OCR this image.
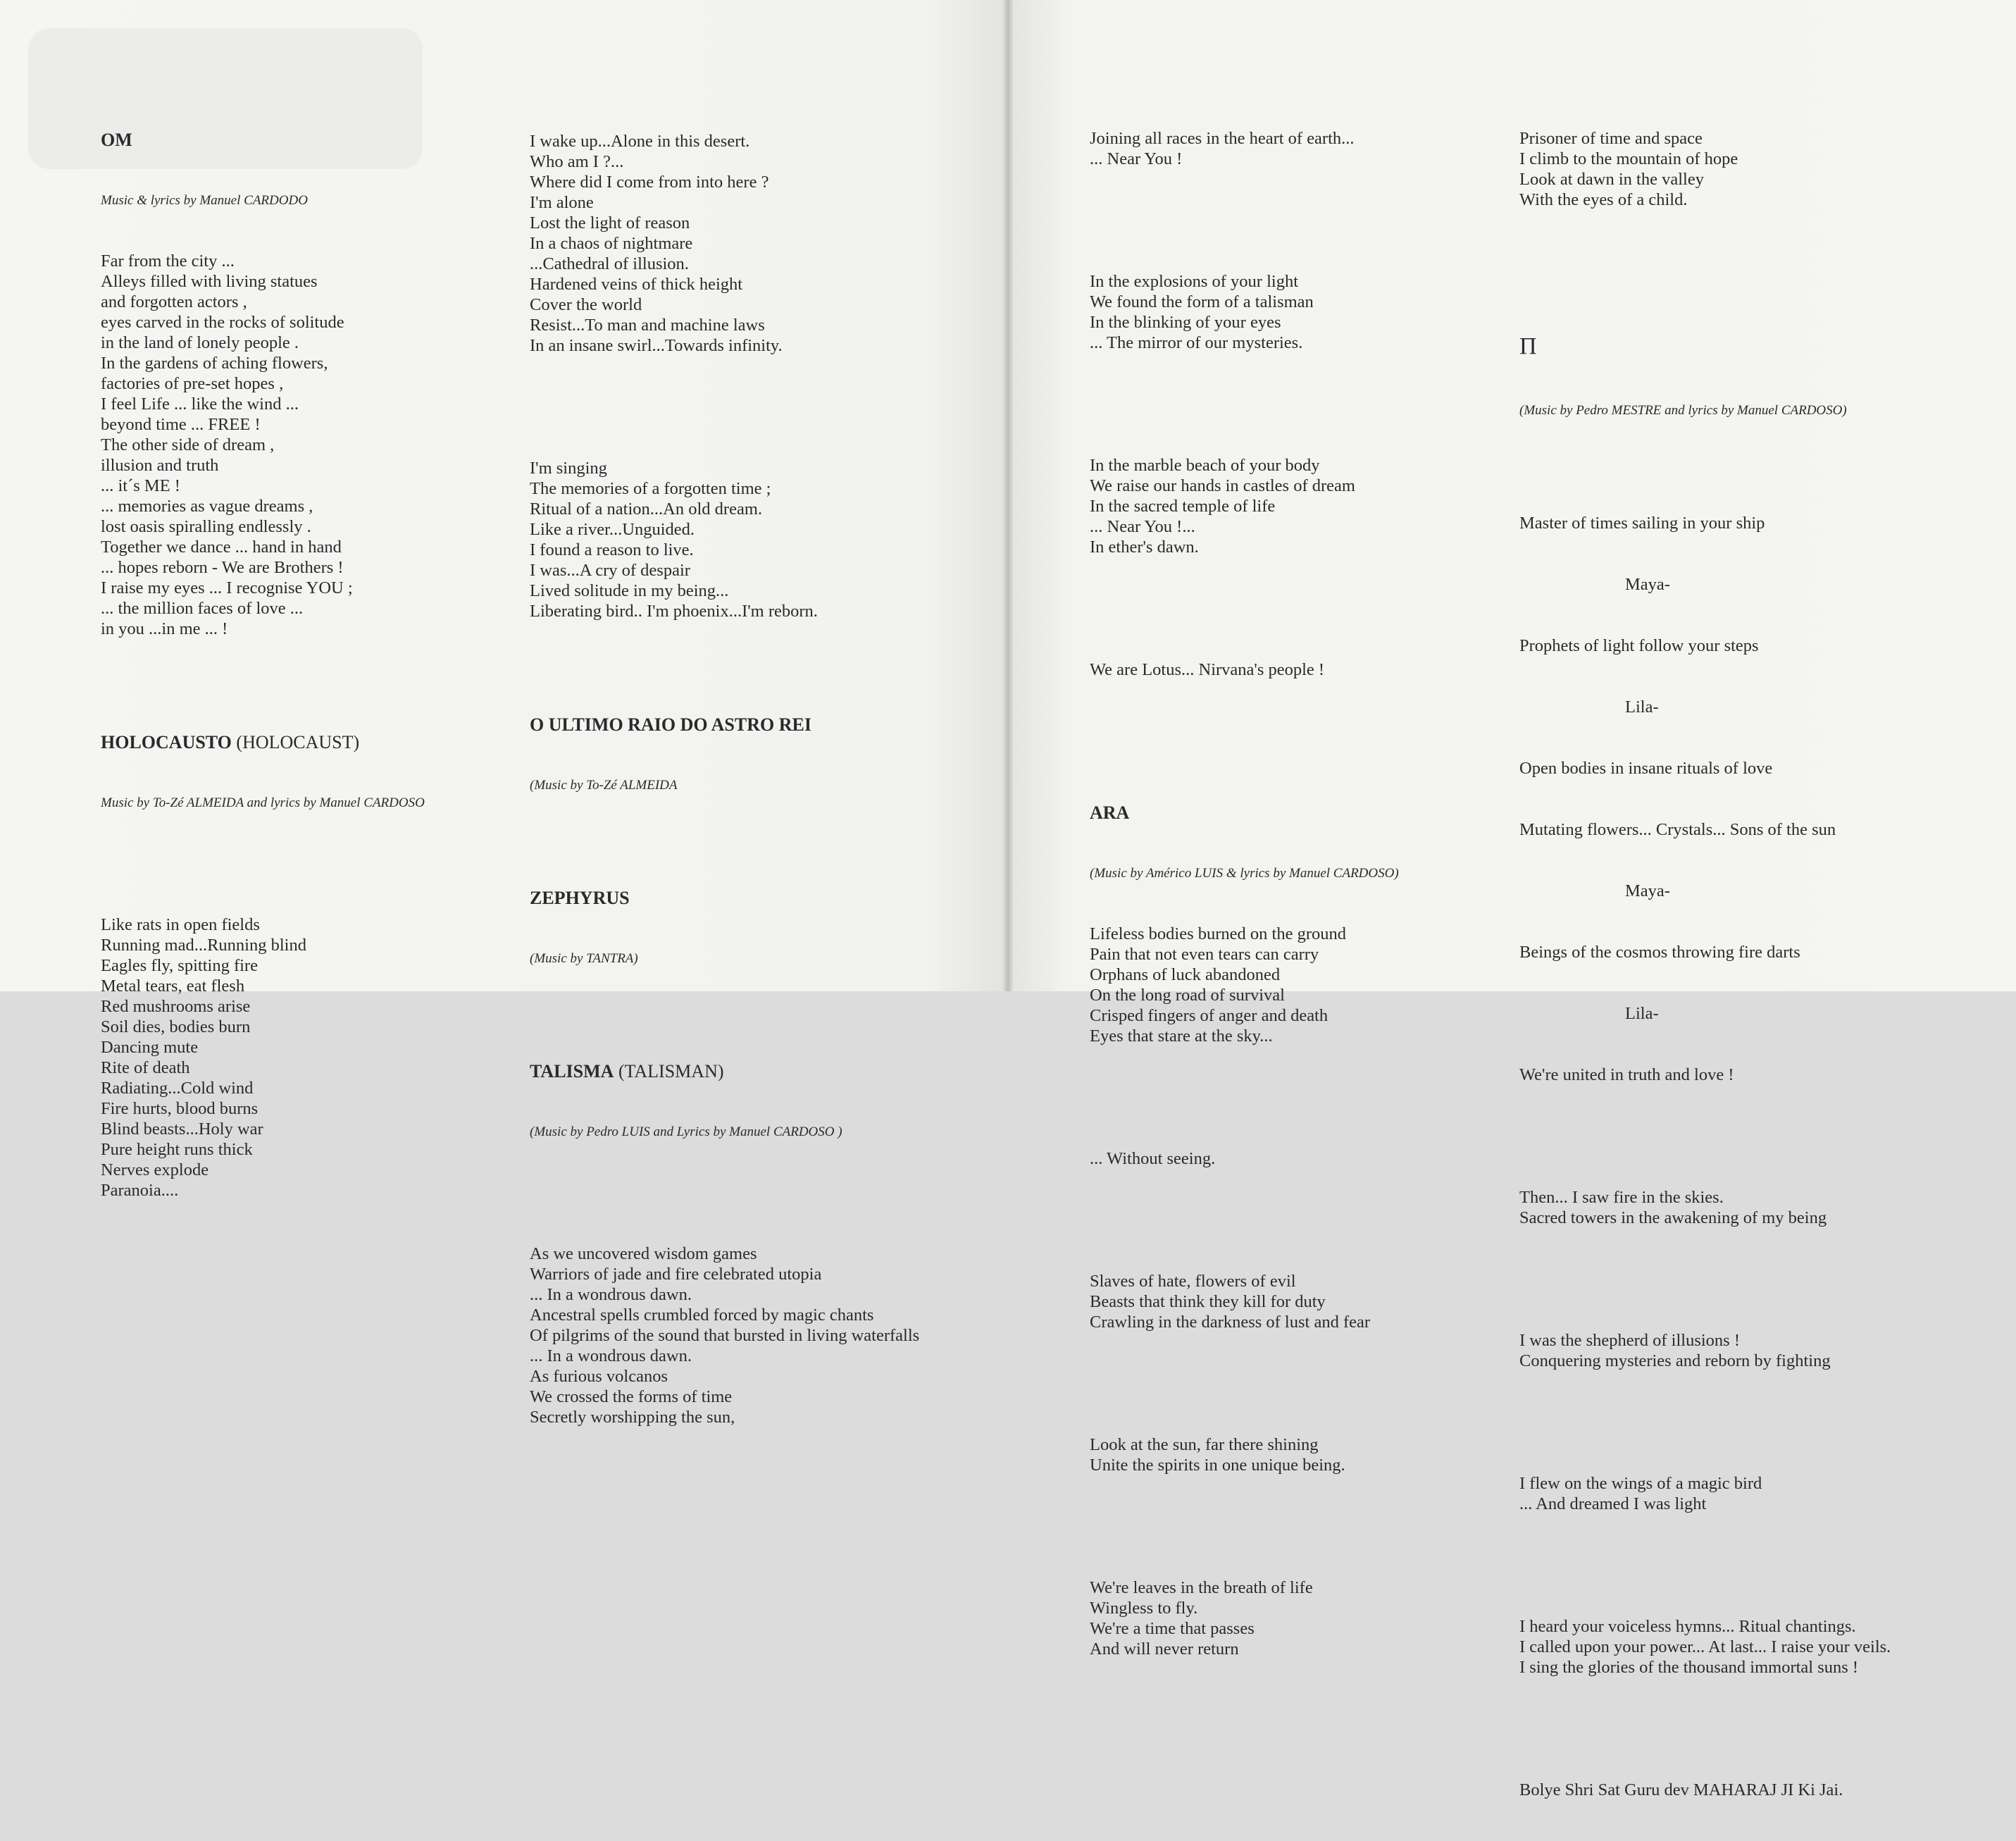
OM

Music & lyrics by Manuel CARDODO

Far from the city ...
Alleys filled with living statues
and forgotten actors ,
eyes carved in the rocks of solitude
in the land of lonely people .
In the gardens of aching flowers,
factories of pre-set hopes ,
I feel Life ... like the wind ...
beyond time ... FREE !
The other side of dream ,
illusion and truth
... it´s ME !
... memories as vague dreams ,
lost oasis spiralling endlessly .
Together we dance ... hand in hand
... hopes reborn - We are Brothers !
I raise my eyes ... I recognise YOU ;
... the million faces of love ...
in you ...in me ... !

HOLOCAUSTO (HOLOCAUST)

Music by To-Zé ALMEIDA and lyrics by Manuel CARDOSO

Like rats in open fields
Running mad...Running blind
Eagles fly, spitting fire
Metal tears, eat flesh
Red mushrooms arise
Soil dies, bodies burn
Dancing mute
Rite of death
Radiating...Cold wind
Fire hurts, blood burns
Blind beasts...Holy war
Pure height runs thick
Nerves explode
Paranoia....

I wake up...Alone in this desert.
Who am I ?...
Where did I come from into here ?
I'm alone
Lost the light of reason
In a chaos of nightmare
...Cathedral of illusion.
Hardened veins of thick height
Cover the world
Resist...To man and machine laws
In an insane swirl...Towards infinity.

I'm singing
The memories of a forgotten time ;
Ritual of a nation...An old dream.
Like a river...Unguided.
I found a reason to live.
I was...A cry of despair
Lived solitude in my being...
Liberating bird.. I'm phoenix...I'm reborn.

O ULTIMO RAIO DO ASTRO REI

(Music by To-Zé ALMEIDA

ZEPHYRUS

(Music by TANTRA)

TALISMA (TALISMAN)

(Music by Pedro LUIS and Lyrics by Manuel CARDOSO )

As we uncovered wisdom games
Warriors of jade and fire celebrated utopia
... In a wondrous dawn.
Ancestral spells crumbled forced by magic chants
Of pilgrims of the sound that bursted in living waterfalls
... In a wondrous dawn.
As furious volcanos
We crossed the forms of time
Secretly worshipping the sun,

Joining all races in the heart of earth...
... Near You !

In the explosions of your light
We found the form of a talisman
In the blinking of your eyes
... The mirror of our mysteries.

In the marble beach of your body
We raise our hands in castles of dream
In the sacred temple of life
... Near You !...
In ether's dawn.

We are Lotus... Nirvana's people !

ARA

(Music by Américo LUIS & lyrics by Manuel CARDOSO)

Lifeless bodies burned on the ground
Pain that not even tears can carry
Orphans of luck abandoned
On the long road of survival
Crisped fingers of anger and death
Eyes that stare at the sky...

... Without seeing.

Slaves of hate, flowers of evil
Beasts that think they kill for duty
Crawling in the darkness of lust and fear

Look at the sun, far there shining
Unite the spirits in one unique being.

We're leaves in the breath of life
Wingless to fly.
We're a time that passes
And will never return

Prisoner of time and space
I climb to the mountain of hope
Look at dawn in the valley
With the eyes of a child.

Π

(Music by Pedro MESTRE and lyrics by Manuel CARDOSO)

Master of times sailing in your ship

Maya-

Prophets of light follow your steps

Lila-

Open bodies in insane rituals of love

Mutating flowers... Crystals... Sons of the sun

Maya-

Beings of the cosmos throwing fire darts

Lila-

We're united in truth and love !

Then... I saw fire in the skies.
Sacred towers in the awakening of my being

I was the shepherd of illusions !
Conquering mysteries and reborn by fighting

I flew on the wings of a magic bird
... And dreamed I was light

I heard your voiceless hymns... Ritual chantings.
I called upon your power... At last... I raise your veils.
I sing the glories of the thousand immortal suns !

Bolye Shri Sat Guru dev MAHARAJ JI Ki Jai.
